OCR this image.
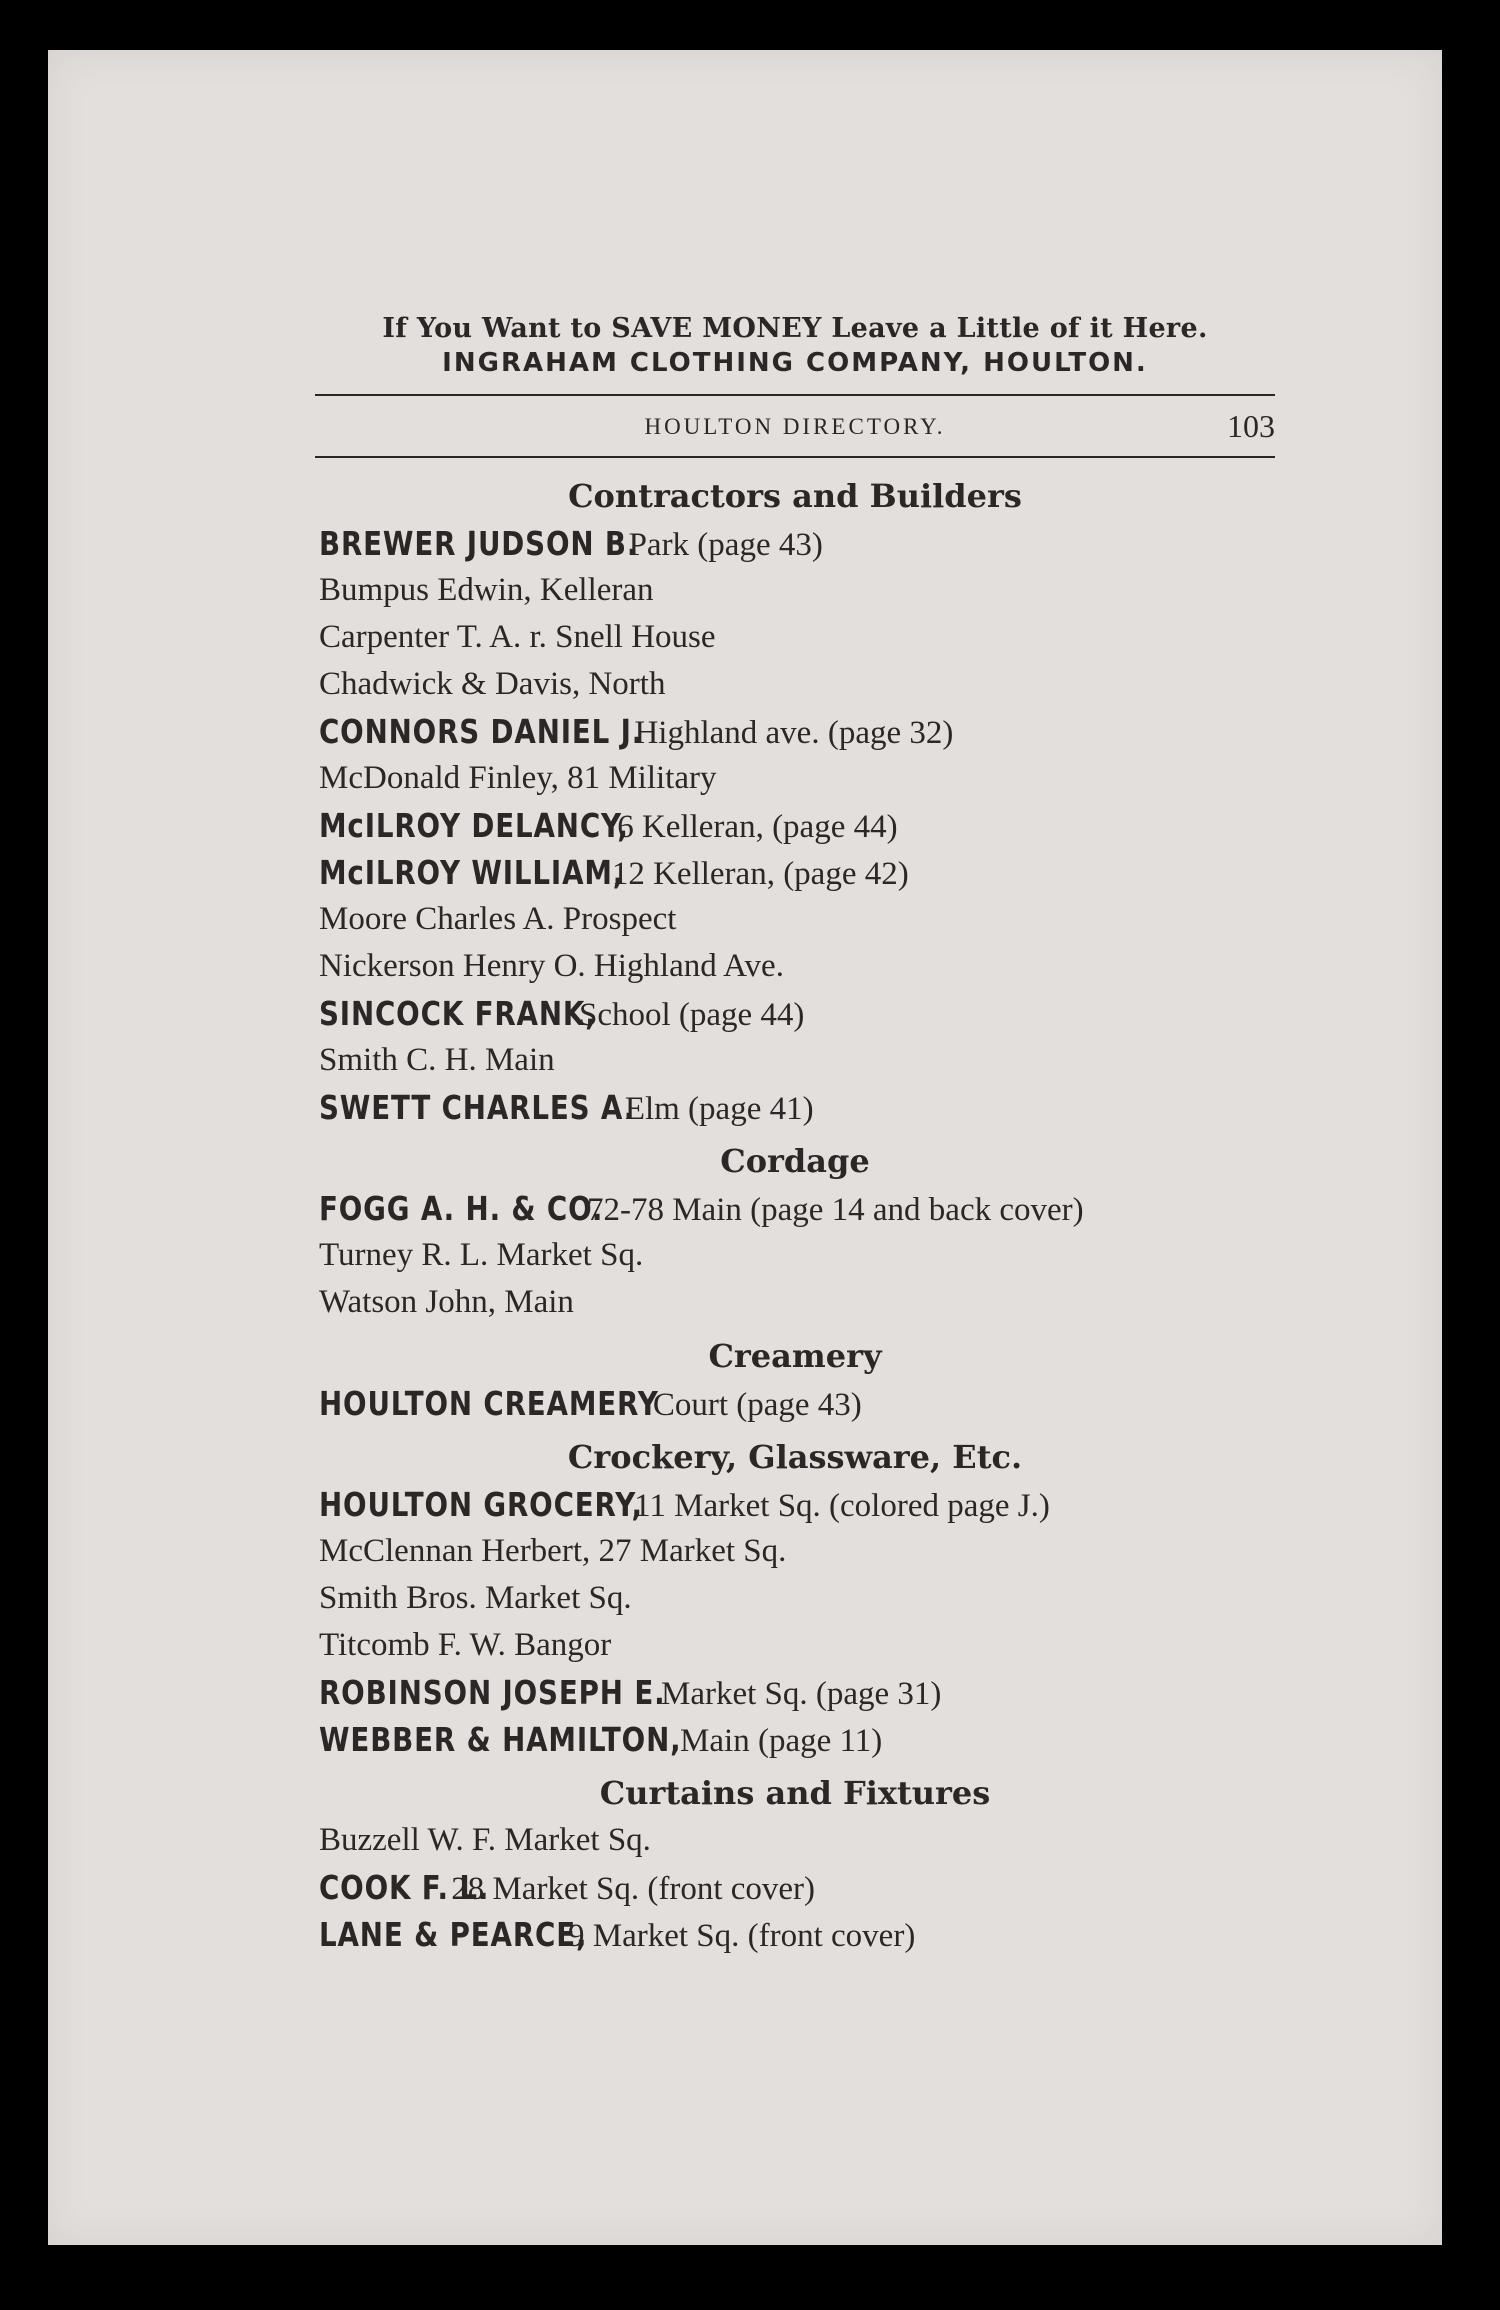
If You Want to SAVE MONEY Leave a Little of it Here.
INGRAHAM CLOTHING COMPANY, HOULTON.
HOULTON DIRECTORY.	103
Contractors and Builders
BREWER JUDSON B.Park (page 43)
Bumpus Edwin, Kelleran
Carpenter T. A. r. Snell House
Chadwick & Davis, North
CONNORS DANIEL J.Highland ave. (page 32)
McDonald Finley, 81 Military
McILROY DELANCY,6 Kelleran, (page 44)
McILROY WILLIAM,12 Kelleran, (page 42)
Moore Charles A. Prospect
Nickerson Henry O. Highland Ave.
SINCOCK FRANK,School (page 44)
Smith C. H. Main
SWETT CHARLES A.Elm (page 41)
Cordage
FOGG A. H. & CO.72-78 Main (page 14 and back cover)
Turney R. L. Market Sq.
Watson John, Main
Creamery
HOULTON CREAMERYCourt (page 43)
Crockery, Glassware, Etc.
HOULTON GROCERY,11 Market Sq. (colored page J.)
McClennan Herbert, 27 Market Sq.
Smith Bros. Market Sq.
Titcomb F. W. Bangor
ROBINSON JOSEPH E.Market Sq. (page 31)
WEBBER & HAMILTON,Main (page 11)
Curtains and Fixtures
Buzzell W. F. Market Sq.
COOK F. L.28 Market Sq. (front cover)
LANE & PEARCE,9 Market Sq. (front cover)
